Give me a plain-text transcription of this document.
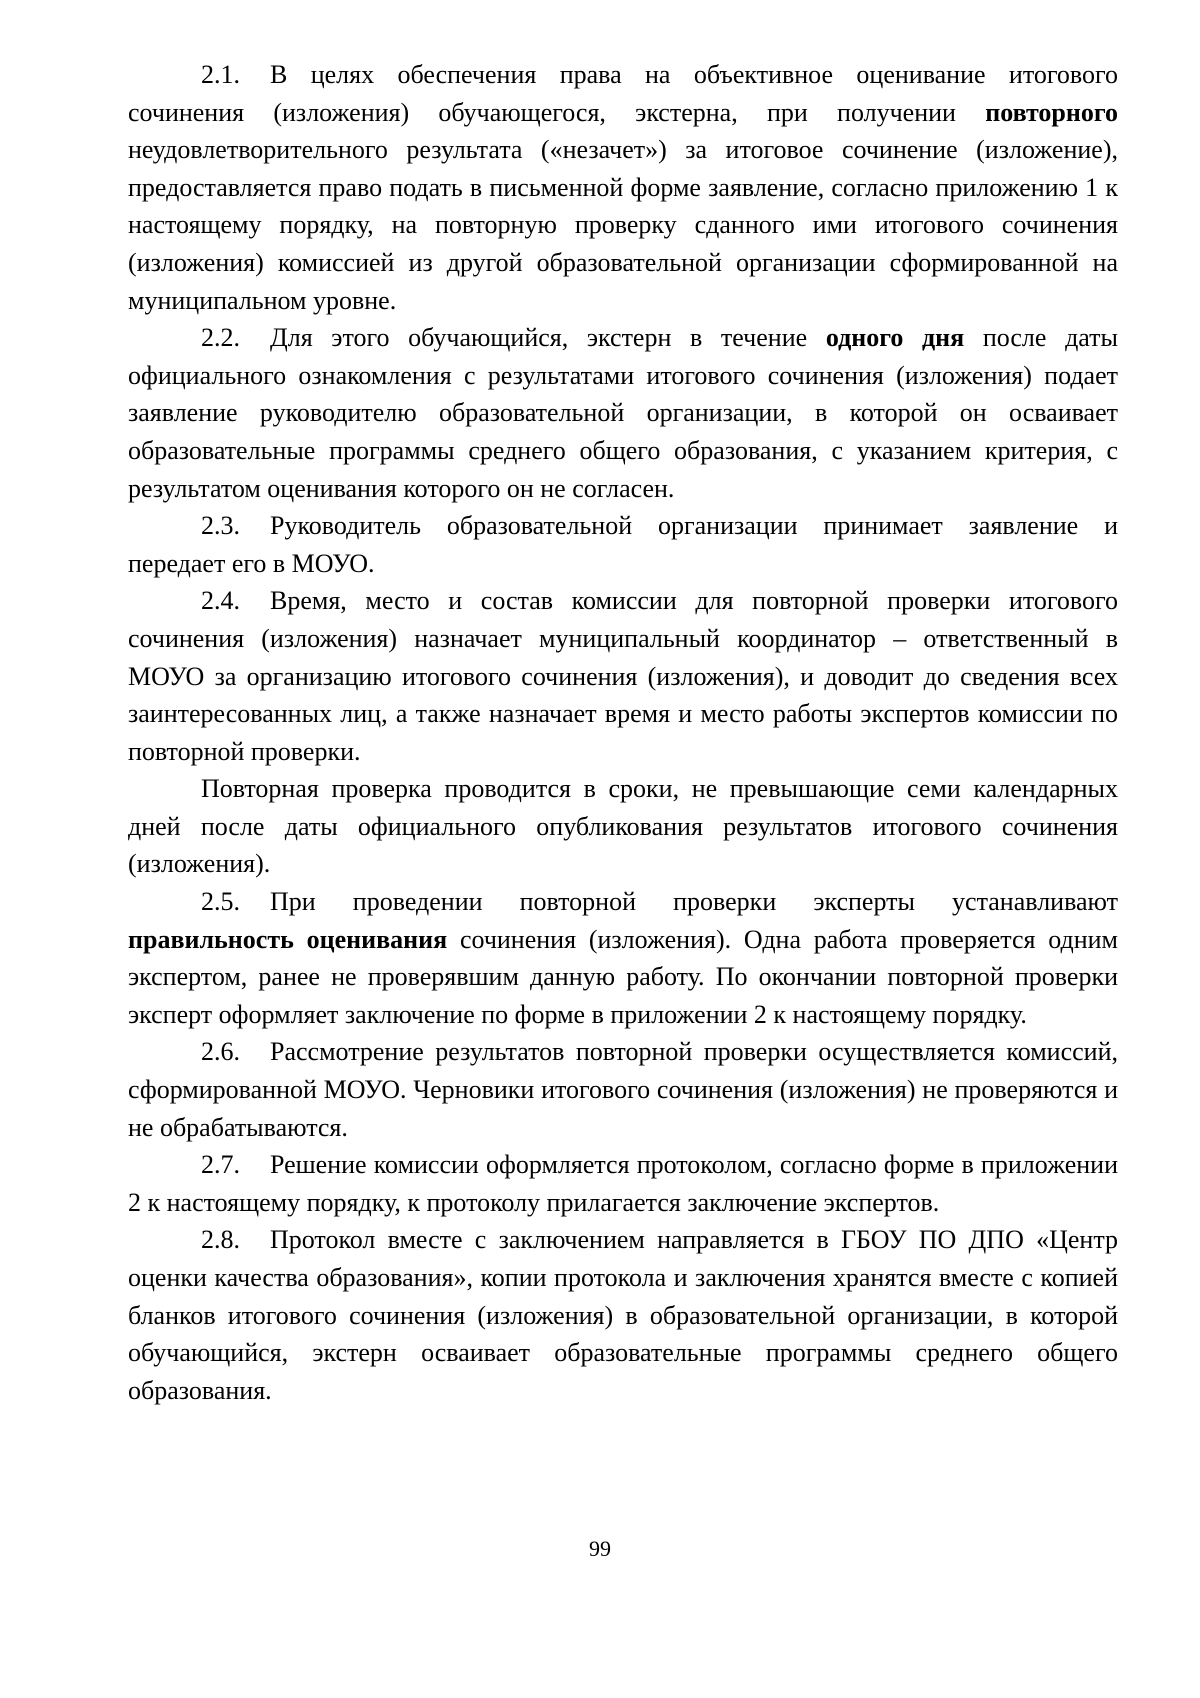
2.1. В целях обеспечения права на объективное оценивание итогового сочинения (изложения) обучающегося, экстерна, при получении повторного неудовлетворительного результата («незачет») за итоговое сочинение (изложение), предоставляется право подать в письменной форме заявление, согласно приложению 1 к настоящему порядку, на повторную проверку сданного ими итогового сочинения (изложения) комиссией из другой образовательной организации сформированной на муниципальном уровне.

2.2. Для этого обучающийся, экстерн в течение одного дня после даты официального ознакомления с результатами итогового сочинения (изложения) подает заявление руководителю образовательной организации, в которой он осваивает образовательные программы среднего общего образования, с указанием критерия, с результатом оценивания которого он не согласен.

2.3. Руководитель образовательной организации принимает заявление и передает его в МОУО.

2.4. Время, место и состав комиссии для повторной проверки итогового сочинения (изложения) назначает муниципальный координатор – ответственный в МОУО за организацию итогового сочинения (изложения), и доводит до сведения всех заинтересованных лиц, а также назначает время и место работы экспертов комиссии по повторной проверки.

Повторная проверка проводится в сроки, не превышающие семи календарных дней после даты официального опубликования результатов итогового сочинения (изложения).

2.5. При проведении повторной проверки эксперты устанавливают правильность оценивания сочинения (изложения). Одна работа проверяется одним экспертом, ранее не проверявшим данную работу. По окончании повторной проверки эксперт оформляет заключение по форме в приложении 2 к настоящему порядку.

2.6. Рассмотрение результатов повторной проверки осуществляется комиссий, сформированной МОУО. Черновики итогового сочинения (изложения) не проверяются и не обрабатываются.

2.7. Решение комиссии оформляется протоколом, согласно форме в приложении 2 к настоящему порядку, к протоколу прилагается заключение экспертов.

2.8. Протокол вместе с заключением направляется в ГБОУ ПО ДПО «Центр оценки качества образования», копии протокола и заключения хранятся вместе с копией бланков итогового сочинения (изложения) в образовательной организации, в которой обучающийся, экстерн осваивает образовательные программы среднего общего образования.

99
